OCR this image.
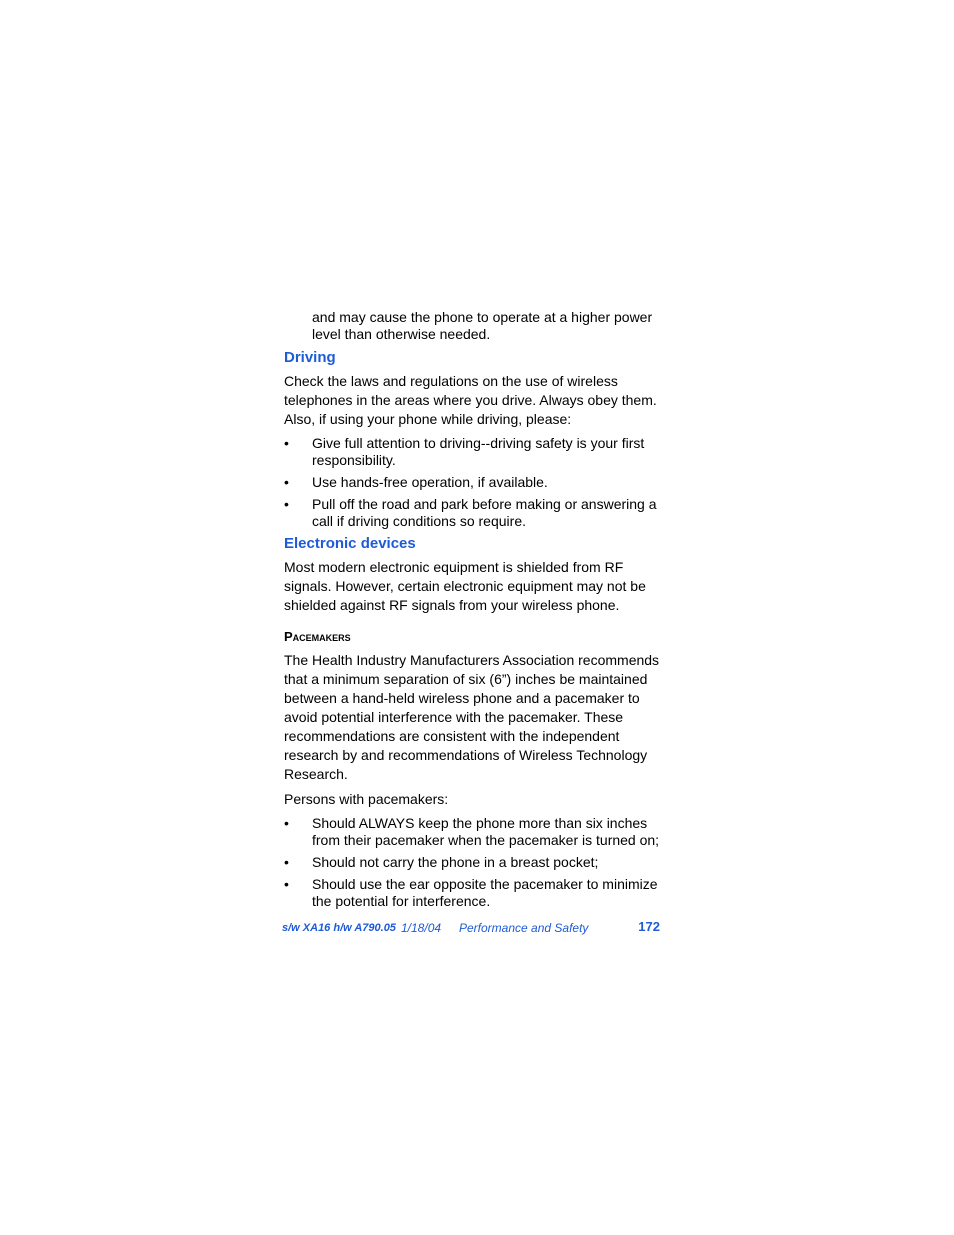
and may cause the phone to operate at a higher power level than otherwise needed.

Driving

Check the laws and regulations on the use of wireless telephones in the areas where you drive. Always obey them. Also, if using your phone while driving, please:

• Give full attention to driving--driving safety is your first responsibility.
• Use hands-free operation, if available.
• Pull off the road and park before making or answering a call if driving conditions so require.
Electronic devices

Most modern electronic equipment is shielded from RF signals. However, certain electronic equipment may not be shielded against RF signals from your wireless phone.

Pacemakers

The Health Industry Manufacturers Association recommends that a minimum separation of six (6”) inches be maintained between a hand-held wireless phone and a pacemaker to avoid potential interference with the pacemaker. These recommendations are consistent with the independent research by and recommendations of Wireless Technology Research.

Persons with pacemakers:

• Should ALWAYS keep the phone more than six inches from their pacemaker when the pacemaker is turned on;
• Should not carry the phone in a breast pocket;
• Should use the ear opposite the pacemaker to minimize the potential for interference.
s/w XA16 h/w A790.05 1/18/04 Performance and Safety	172
